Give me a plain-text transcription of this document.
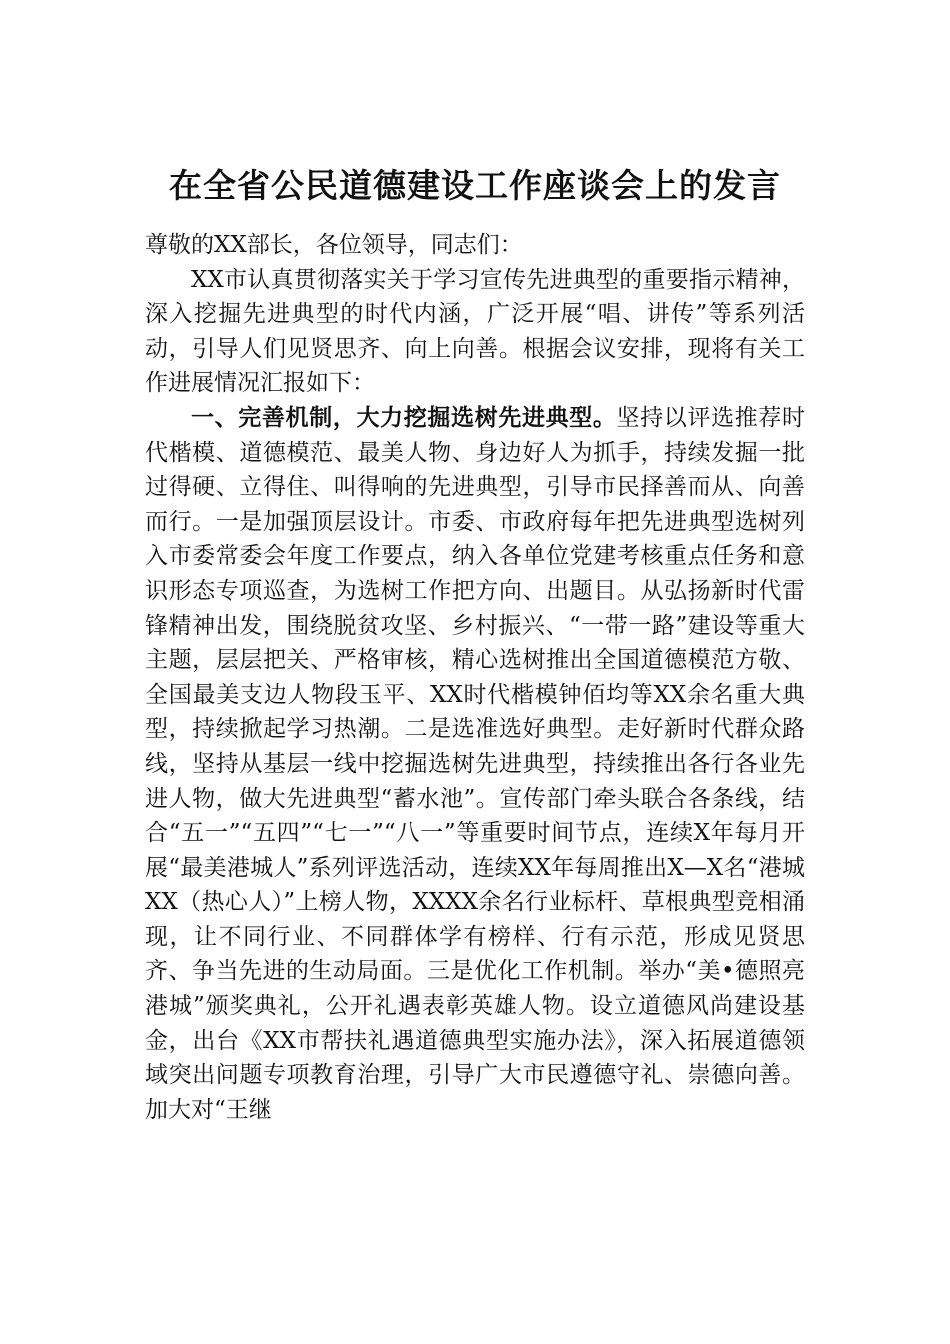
在全省公民道德建设工作座谈会上的发言

尊敬的XX部长，各位领导，同志们：

XX市认真贯彻落实关于学习宣传先进典型的重要指示精神，深入挖掘先进典型的时代内涵，广泛开展“唱、讲传”等系列活动，引导人们见贤思齐、向上向善。根据会议安排，现将有关工作进展情况汇报如下：

一、完善机制，大力挖掘选树先进典型。坚持以评选推荐时代楷模、道德模范、最美人物、身边好人为抓手，持续发掘一批过得硬、立得住、叫得响的先进典型，引导市民择善而从、向善而行。一是加强顶层设计。市委、市政府每年把先进典型选树列入市委常委会年度工作要点，纳入各单位党建考核重点任务和意识形态专项巡查，为选树工作把方向、出题目。从弘扬新时代雷锋精神出发，围绕脱贫攻坚、乡村振兴、“一带一路”建设等重大主题，层层把关、严格审核，精心选树推出全国道德模范方敬、全国最美支边人物段玉平、XX时代楷模钟佰均等XX余名重大典型，持续掀起学习热潮。二是选准选好典型。走好新时代群众路线，坚持从基层一线中挖掘选树先进典型，持续推出各行各业先进人物，做大先进典型“蓄水池”。宣传部门牵头联合各条线，结合“五一”“五四”“七一”“八一”等重要时间节点，连续X年每月开展“最美港城人”系列评选活动，连续XX年每周推出X—X名“港城XX（热心人）”上榜人物，XXXX余名行业标杆、草根典型竞相涌现，让不同行业、不同群体学有榜样、行有示范，形成见贤思齐、争当先进的生动局面。三是优化工作机制。举办“美•德照亮港城”颁奖典礼，公开礼遇表彰英雄人物。设立道德风尚建设基金，出台《XX市帮扶礼遇道德典型实施办法》，深入拓展道德领域突出问题专项教育治理，引导广大市民遵德守礼、崇德向善。加大对“王继
